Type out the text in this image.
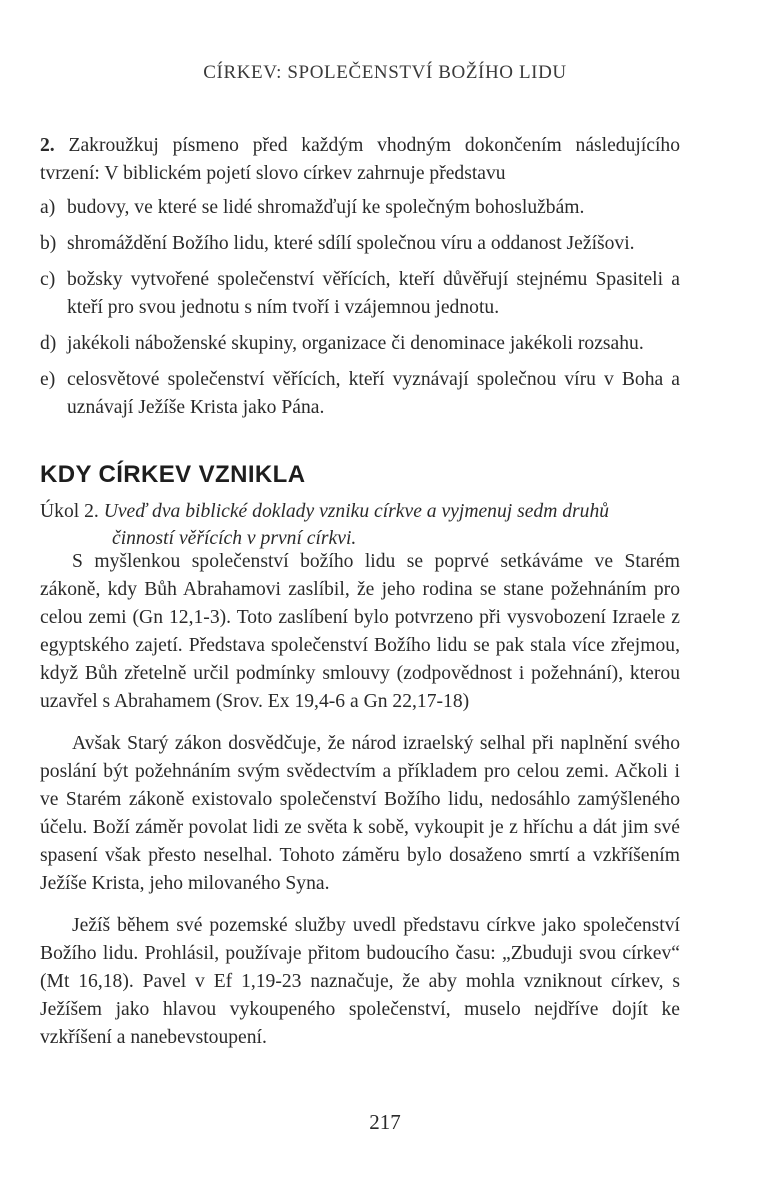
CÍRKEV: SPOLEČENSTVÍ BOŽÍHO LIDU

2. Zakroužkuj písmeno před každým vhodným dokončením následujícího tvrzení: V biblickém pojetí slovo církev zahrnuje představu

a) budovy, ve které se lidé shromažďují ke společným bohoslužbám.
b) shromáždění Božího lidu, které sdílí společnou víru a oddanost Ježíšovi.
c) božsky vytvořené společenství věřících, kteří důvěřují stejnému Spasiteli a kteří pro svou jednotu s ním tvoří i vzájemnou jednotu.
d) jakékoli náboženské skupiny, organizace či denominace jakékoli rozsahu.
e) celosvětové společenství věřících, kteří vyznávají společnou víru v Boha a uznávají Ježíše Krista jako Pána.
KDY CÍRKEV VZNIKLA
Úkol 2. Uveď dva biblické doklady vzniku církve a vyjmenuj sedm druhů
činností věřících v první církvi.

S myšlenkou společenství božího lidu se poprvé setkáváme ve Starém zákoně, kdy Bůh Abrahamovi zaslíbil, že jeho rodina se stane požehnáním pro celou zemi (Gn 12,1-3). Toto zaslíbení bylo potvrzeno při vysvobození Izraele z egyptského zajetí. Představa společenství Božího lidu se pak stala více zřejmou, když Bůh zřetelně určil podmínky smlouvy (zodpovědnost i požehnání), kterou uzavřel s Abrahamem (Srov. Ex 19,4-6 a Gn 22,17-18)

Avšak Starý zákon dosvědčuje, že národ izraelský selhal při naplnění svého poslání být požehnáním svým svědectvím a příkladem pro celou zemi. Ačkoli i ve Starém zákoně existovalo společenství Božího lidu, nedosáhlo zamýšleného účelu. Boží záměr povolat lidi ze světa k sobě, vykoupit je z hříchu a dát jim své spasení však přesto neselhal. Tohoto záměru bylo dosaženo smrtí a vzkříšením Ježíše Krista, jeho milovaného Syna.

Ježíš během své pozemské služby uvedl představu církve jako společenství Božího lidu. Prohlásil, používaje přitom budoucího času: „Zbuduji svou církev“ (Mt 16,18). Pavel v Ef 1,19-23 naznačuje, že aby mohla vzniknout církev, s Ježíšem jako hlavou vykoupeného společenství, muselo nejdříve dojít ke vzkříšení a nanebevstoupení.

217
